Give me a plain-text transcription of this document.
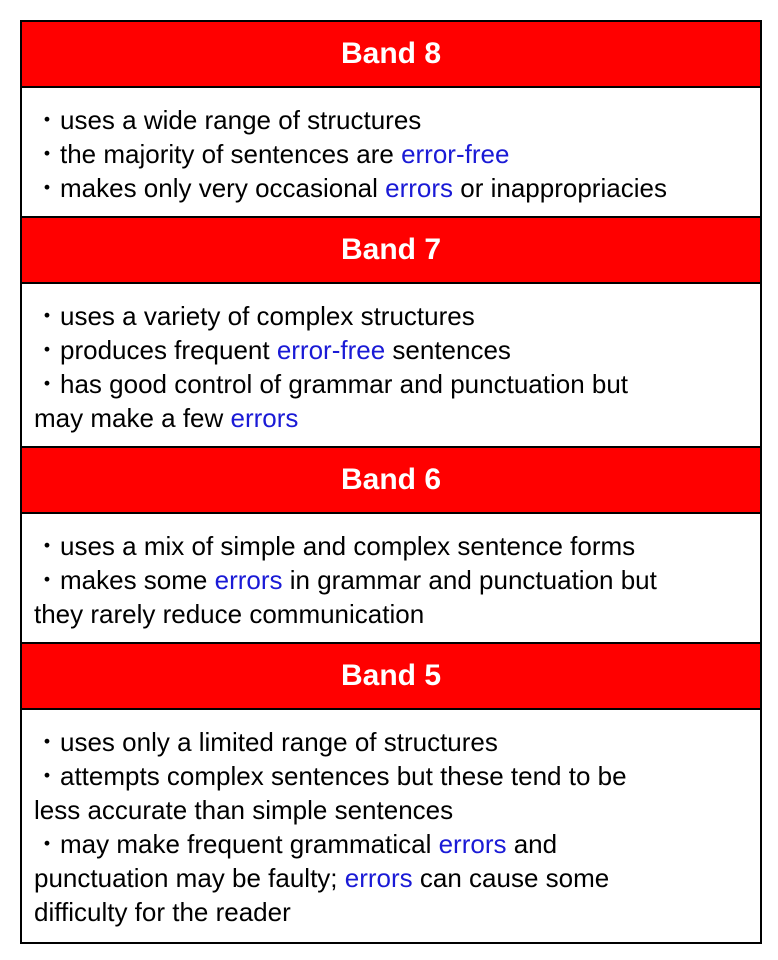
Band 8
・uses a wide range of structures
・the majority of sentences are error-free
・makes only very occasional errors or inappropriacies
Band 7
・uses a variety of complex structures
・produces frequent error-free sentences
・has good control of grammar and punctuation but
may make a few errors
Band 6
・uses a mix of simple and complex sentence forms
・makes some errors in grammar and punctuation but
they rarely reduce communication
Band 5
・uses only a limited range of structures
・attempts complex sentences but these tend to be
less accurate than simple sentences
・may make frequent grammatical errors and
punctuation may be faulty; errors can cause some
difficulty for the reader
